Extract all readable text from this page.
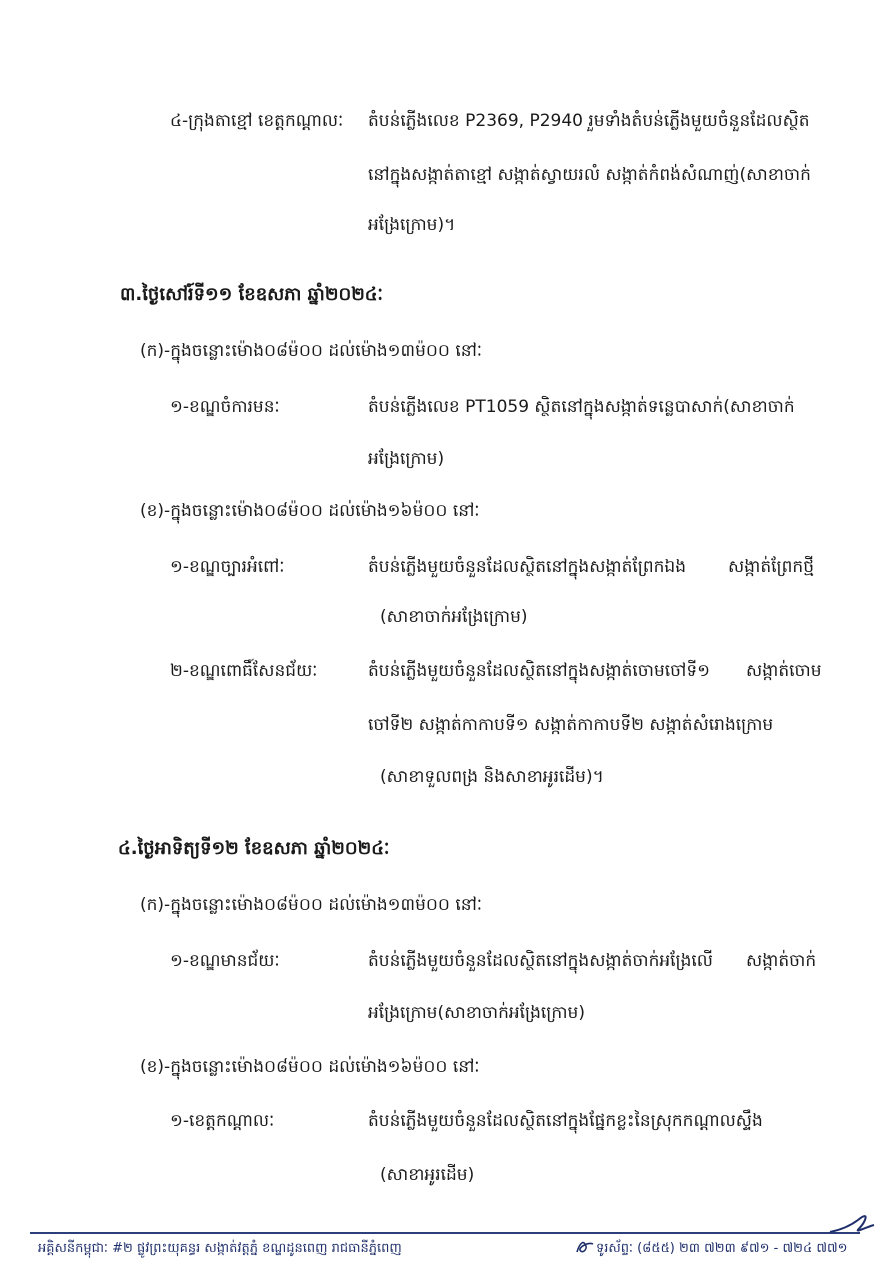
៤-ក្រុងតាខ្មៅ ខេត្តកណ្ដាលៈ តំបន់ភ្លើងលេខ P2369, P2940 រួមទាំងតំបន់ភ្លើងមួយចំនួនដែលស្ថិត
នៅក្នុងសង្កាត់តាខ្មៅ សង្កាត់ស្វាយរលំ សង្កាត់កំពង់សំណាញ់(សាខាចាក់
អង្រែក្រោម)។
៣.ថ្ងៃសៅរ៍ទី១១ ខែឧសភា ឆ្នាំ២០២៤ៈ
(ក)-ក្នុងចន្លោះម៉ោង០៨ម៉០០ ដល់ម៉ោង១៣ម៉០០ នៅៈ
១-ខណ្ឌចំការមនៈ	តំបន់ភ្លើងលេខ PT1059 ស្ថិតនៅក្នុងសង្កាត់ទន្លេបាសាក់(សាខាចាក់
អង្រែក្រោម)
(ខ)-ក្នុងចន្លោះម៉ោង០៨ម៉០០ ដល់ម៉ោង១៦ម៉០០ នៅៈ
១-ខណ្ឌច្បារអំពៅៈ	តំបន់ភ្លើងមួយចំនួនដែលស្ថិតនៅក្នុងសង្កាត់ព្រែកឯង សង្កាត់ព្រែកថ្មី
(សាខាចាក់អង្រែក្រោម)
២-ខណ្ឌពោធិ៍សែនជ័យៈ	តំបន់ភ្លើងមួយចំនួនដែលស្ថិតនៅក្នុងសង្កាត់ចោមចៅទី១ សង្កាត់ចោម
ចៅទី២ សង្កាត់កាកាបទី១ សង្កាត់កាកាបទី២ សង្កាត់សំរោងក្រោម
(សាខាទួលពង្រ និងសាខាអូរដើម)។
៤.ថ្ងៃអាទិត្យទី១២ ខែឧសភា ឆ្នាំ២០២៤ៈ
(ក)-ក្នុងចន្លោះម៉ោង០៨ម៉០០ ដល់ម៉ោង១៣ម៉០០ នៅៈ
១-ខណ្ឌមានជ័យៈ	តំបន់ភ្លើងមួយចំនួនដែលស្ថិតនៅក្នុងសង្កាត់ចាក់អង្រែលើ សង្កាត់ចាក់
អង្រែក្រោម(សាខាចាក់អង្រែក្រោម)
(ខ)-ក្នុងចន្លោះម៉ោង០៨ម៉០០ ដល់ម៉ោង១៦ម៉០០ នៅៈ
១-ខេត្តកណ្ដាលៈ	តំបន់ភ្លើងមួយចំនួនដែលស្ថិតនៅក្នុងផ្នែកខ្លះនៃស្រុកកណ្ដាលស្ទឹង
(សាខាអូរដើម)
អគ្គិសនីកម្ពុជាៈ #២ ផ្លូវព្រះយុគន្ធរ សង្កាត់វត្តភ្នំ ខណ្ឌដូនពេញ រាជធានីភ្នំពេញ	ទូរស័ព្ទៈ (៨៥៥) ២៣ ៧២៣ ៩៧១ - ៧២៤ ៧៧១
